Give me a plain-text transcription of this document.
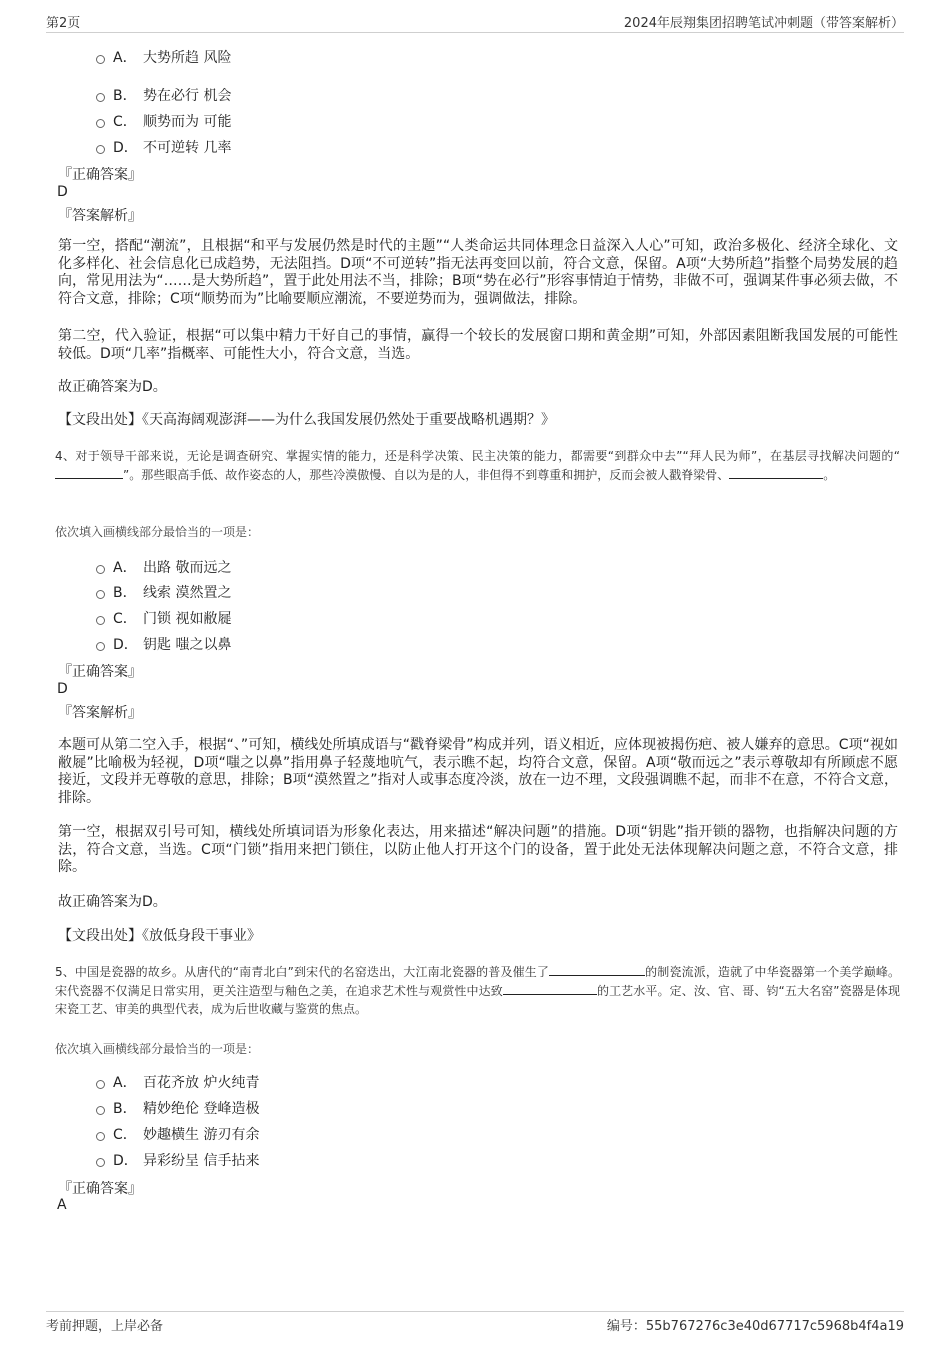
第2页	2024年辰翔集团招聘笔试冲刺题（带答案解析）
A． 大势所趋 风险
B． 势在必行 机会
C． 顺势而为 可能
D． 不可逆转 几率
『正确答案』
D
『答案解析』
第一空，搭配“潮流”，且根据“和平与发展仍然是时代的主题”“人类命运共同体理念日益深入人心”可知，政治多极化、经济全球化、文化多样化、社会信息化已成趋势，无法阻挡。D项“不可逆转”指无法再变回以前，符合文意，保留。A项“大势所趋”指整个局势发展的趋向，常见用法为“……是大势所趋”，置于此处用法不当，排除；B项“势在必行”形容事情迫于情势，非做不可，强调某件事必须去做，不符合文意，排除；C项“顺势而为”比喻要顺应潮流，不要逆势而为，强调做法，排除。
第二空，代入验证，根据“可以集中精力干好自己的事情，赢得一个较长的发展窗口期和黄金期”可知，外部因素阻断我国发展的可能性较低。D项“几率”指概率、可能性大小，符合文意，当选。
故正确答案为D。
【文段出处】《天高海阔观澎湃——为什么我国发展仍然处于重要战略机遇期？》
4、对于领导干部来说，无论是调查研究、掌握实情的能力，还是科学决策、民主决策的能力，都需要“到群众中去”“拜人民为师”，在基层寻找解决问题的“”。那些眼高手低、故作姿态的人，那些冷漠傲慢、自以为是的人，非但得不到尊重和拥护，反而会被人戳脊梁骨、	。
依次填入画横线部分最恰当的一项是：
A． 出路 敬而远之
B． 线索 漠然置之
C． 门锁 视如敝屣
D． 钥匙 嗤之以鼻
『正确答案』
D
『答案解析』
本题可从第二空入手，根据“、”可知，横线处所填成语与“戳脊梁骨”构成并列，语义相近，应体现被揭伤疤、被人嫌弃的意思。C项“视如敝屣”比喻极为轻视，D项“嗤之以鼻”指用鼻子轻蔑地吭气，表示瞧不起，均符合文意，保留。A项“敬而远之”表示尊敬却有所顾虑不愿接近，文段并无尊敬的意思，排除；B项“漠然置之”指对人或事态度冷淡，放在一边不理，文段强调瞧不起，而非不在意，不符合文意，排除。
第一空，根据双引号可知，横线处所填词语为形象化表达，用来描述“解决问题”的措施。D项“钥匙”指开锁的器物，也指解决问题的方法，符合文意，当选。C项“门锁”指用来把门锁住，以防止他人打开这个门的设备，置于此处无法体现解决问题之意，不符合文意，排除。
故正确答案为D。
【文段出处】《放低身段干事业》
5、中国是瓷器的故乡。从唐代的“南青北白”到宋代的名窑迭出，大江南北瓷器的普及催生了	的制瓷流派，造就了中华瓷器第一个美学巅峰。宋代瓷器不仅满足日常实用，更关注造型与釉色之美，在追求艺术性与观赏性中达致	的工艺水平。定、汝、官、哥、钧“五大名窑”瓷器是体现宋瓷工艺、审美的典型代表，成为后世收藏与鉴赏的焦点。
依次填入画横线部分最恰当的一项是：
A． 百花齐放 炉火纯青
B． 精妙绝伦 登峰造极
C． 妙趣横生 游刃有余
D． 异彩纷呈 信手拈来
『正确答案』
A
考前押题，上岸必备	编号：55b767276c3e40d67717c5968b4f4a19
